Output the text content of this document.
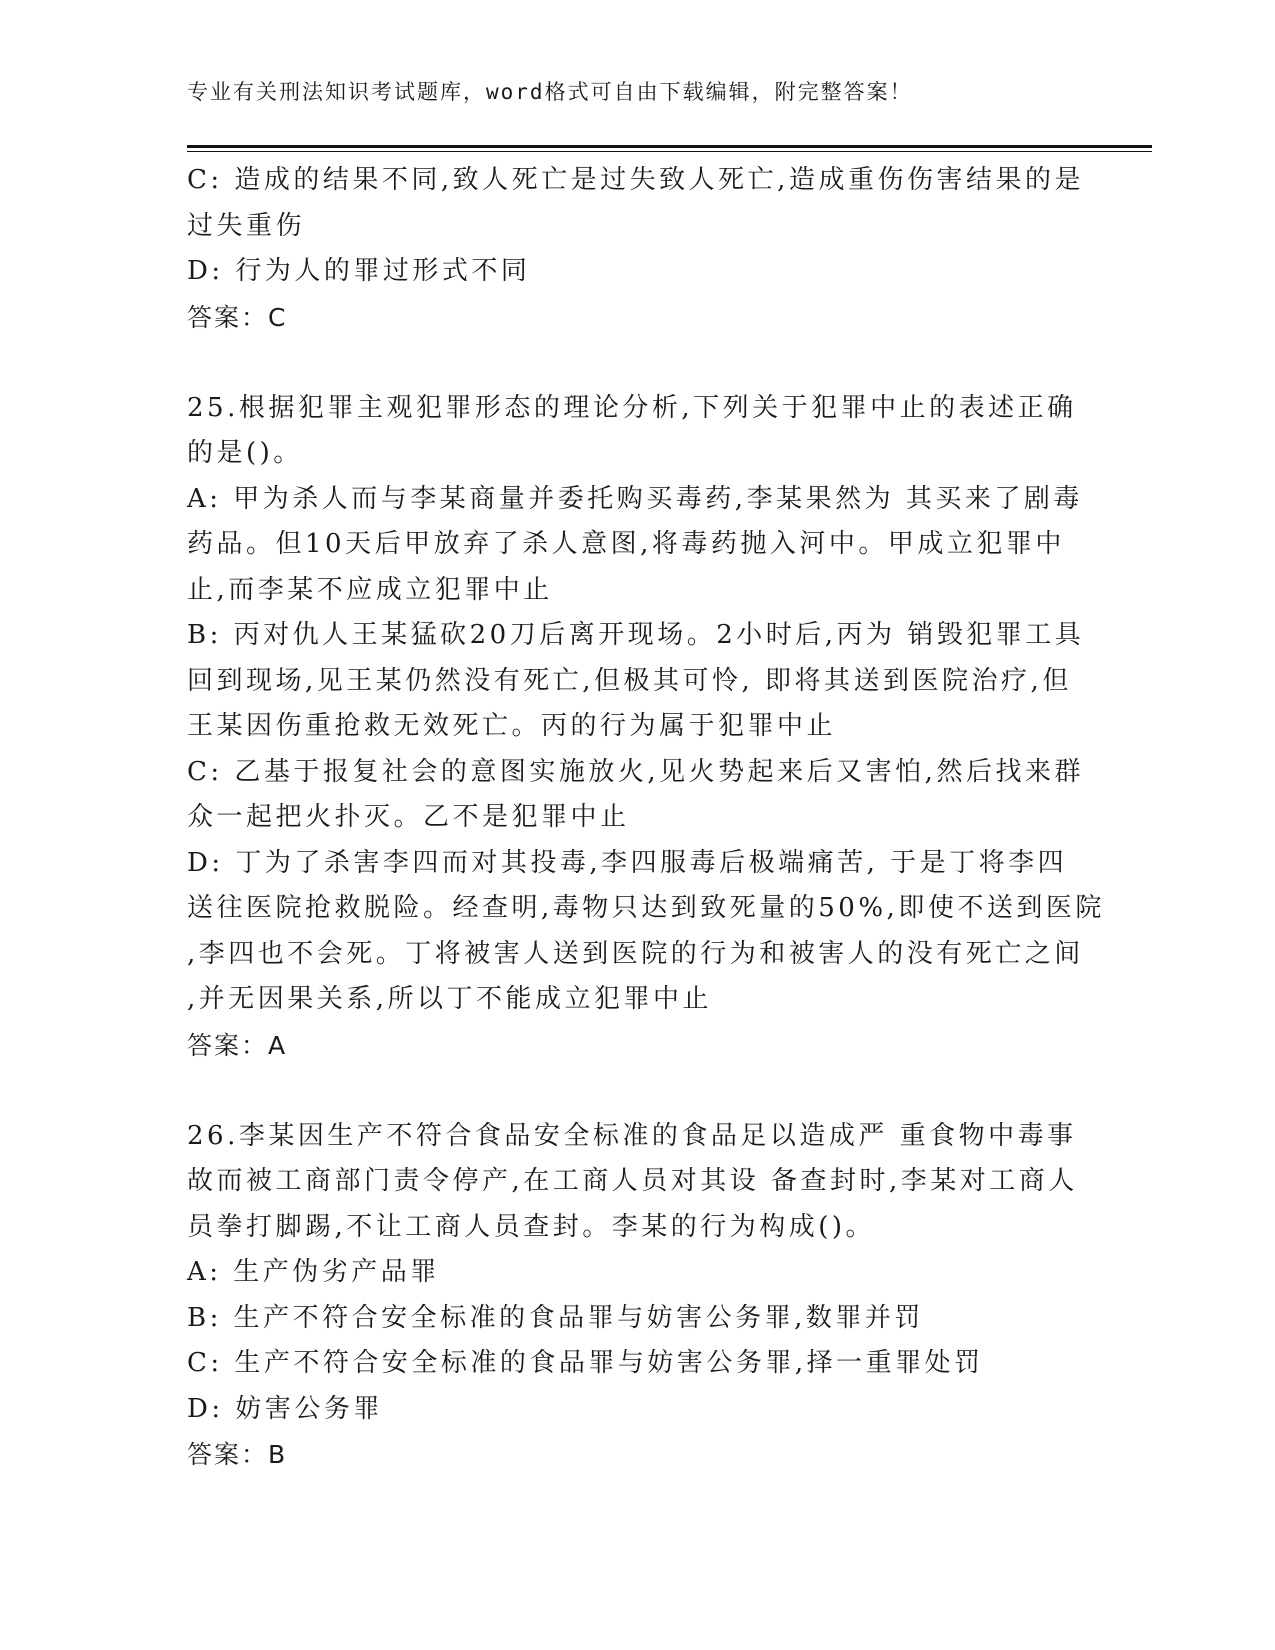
专业有关刑法知识考试题库，word格式可自由下载编辑，附完整答案！
C: 造成的结果不同,致人死亡是过失致人死亡,造成重伤伤害结果的是
过失重伤
D: 行为人的罪过形式不同
答案：C
25.根据犯罪主观犯罪形态的理论分析,下列关于犯罪中止的表述正确
的是()。
A: 甲为杀人而与李某商量并委托购买毒药,李某果然为 其买来了剧毒
药品。但10天后甲放弃了杀人意图,将毒药抛入河中。甲成立犯罪中
止,而李某不应成立犯罪中止
B: 丙对仇人王某猛砍20刀后离开现场。2小时后,丙为 销毁犯罪工具
回到现场,见王某仍然没有死亡,但极其可怜, 即将其送到医院治疗,但
王某因伤重抢救无效死亡。丙的行为属于犯罪中止
C: 乙基于报复社会的意图实施放火,见火势起来后又害怕,然后找来群
众一起把火扑灭。乙不是犯罪中止
D: 丁为了杀害李四而对其投毒,李四服毒后极端痛苦, 于是丁将李四
送往医院抢救脱险。经查明,毒物只达到致死量的50%,即使不送到医院
,李四也不会死。丁将被害人送到医院的行为和被害人的没有死亡之间
,并无因果关系,所以丁不能成立犯罪中止
答案：A
26.李某因生产不符合食品安全标准的食品足以造成严 重食物中毒事
故而被工商部门责令停产,在工商人员对其设 备查封时,李某对工商人
员拳打脚踢,不让工商人员查封。李某的行为构成()。
A: 生产伪劣产品罪
B: 生产不符合安全标准的食品罪与妨害公务罪,数罪并罚
C: 生产不符合安全标准的食品罪与妨害公务罪,择一重罪处罚
D: 妨害公务罪
答案：B
